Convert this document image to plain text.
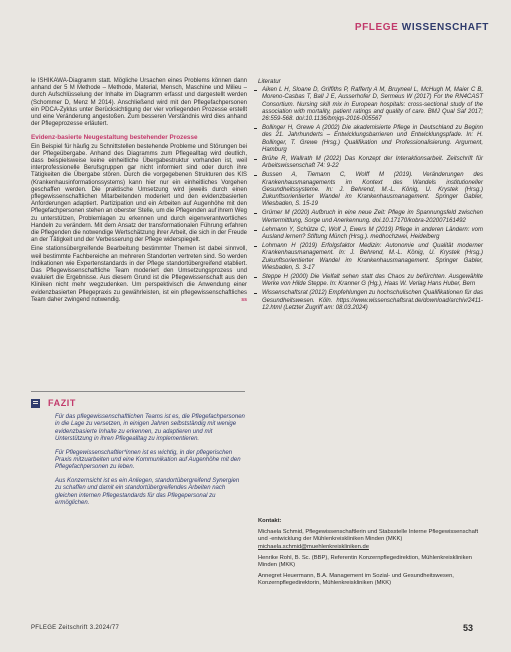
PFLEGE WISSENSCHAFT

le ISHIKAWA-Diagramm statt. Mögliche Ursachen eines Problems können dann anhand der 5 M Methode – Methode, Material, Mensch, Maschine und Milieu – durch Aufschlüsselung der Inhalte im Diagramm erfasst und dargestellt werden (Schommer D, Menz M 2014). Anschließend wird mit den Pflegefachpersonen ein PDCA-Zyklus unter Berücksichtigung der vier vorliegenden Prozesse erstellt und eine Veränderung angestoßen. Zum besseren Verständnis wird dies anhand der Pflegeprozesse erläutert.

Evidenz-basierte Neugestaltung bestehender Prozesse

Ein Beispiel für häufig zu Schnittstellen bestehende Probleme und Störungen bei der Pflegeübergabe. Anhand des Diagramms zum Pflegealltag wird deutlich, dass beispielsweise keine einheitliche Übergabestruktur vorhanden ist, weil interprofessionelle Berufsgruppen gar nicht informiert sind oder durch ihre Tätigkeiten die Übergabe stören. Durch die vorgegebenen Strukturen des KIS (Krankenhausinformationssystems) kann hier nur ein einheitliches Vorgehen geschaffen werden. Die praktische Umsetzung wird jeweils durch einen pflegewissenschaftlichen Mitarbeitenden moderiert und den evidenzbasierten Anforderungen adaptiert. Partizipation und ein Arbeiten auf Augenhöhe mit den Pflegefachpersonen stehen an oberster Stelle, um die Pflegenden auf ihrem Weg zu unterstützen, Problemlagen zu erkennen und durch eigenverantwortliches Handeln zu verändern. Mit dem Ansatz der transformationalen Führung erfahren die Pflegenden die notwendige Wertschätzung ihrer Arbeit, die sich in der Freude an der Tätigkeit und der Verbesserung der Pflege widerspiegelt.

Eine stationsübergreifende Bearbeitung bestimmter Themen ist dabei sinnvoll, weil bestimmte Fachbereiche an mehreren Standorten vertreten sind. So werden Indikationen wie Expertenstandards in der Pflege standortübergreifend etabliert. Das Pflegewissenschaftliche Team moderiert den Umsetzungsprozess und evaluiert die Ergebnisse. Aus diesem Grund ist die Pflegewissenschaft aus den Kliniken nicht mehr wegzudenken. Um perspektivisch die Anwendung einer evidenzbasierten Pflegepraxis zu gewährleisten, ist ein pflegewissenschaftliches Team daher zwingend notwendig.	ss

Literatur
Aiken L H, Sloane D, Griffiths P, Rafferty A M, Bruyneel L, McHugh M, Maier C B, Moreno-Casbas T, Ball J E, Ausserhofer D, Sermeus W (2017) For the RN4CAST Consortium. Nursing skill mix in European hospitals: cross-sectional study of the association with mortality, patient ratings and quality of care. BMJ Qual Saf 2017; 26:559-568. doi:10.1136/bmjqs-2016-005567
Bollinger H, Grewe A (2002) Die akademisierte Pflege in Deutschland zu Beginn des 21. Jahrhunderts – Entwicklungsbarrieren und Entwicklungspfade. In: H. Bollinger, T. Grewe (Hrsg.) Qualifikation und Professionalisierung. Argument, Hamburg
Brühe R, Wallrath M (2022) Das Konzept der Interaktionsarbeit. Zeitschrift für Arbeitswissenschaft 74: 9-22
Bussen A, Tiemann C, Wolff M (2019). Veränderungen des Krankenhausmanagements im Kontext des Wandels institutioneller Gesundheitssysteme. In: J. Behrend, M.-L. König, U. Krystek (Hrsg.) Zukunftsorientierter Wandel im Krankenhausmanagement. Springer Gabler, Wiesbaden, S. 15-19
Grümer M (2020) Aufbruch in eine neue Zeit: Pflege im Spannungsfeld zwischen Wertermittlung, Sorge und Anerkennung. doi.10.17170/kobra-202007161492
Lehmann Y, Schütze C, Wolf J, Ewers M (2019) Pflege in anderen Ländern: vom Ausland lernen? Stiftung Münch (Hrsg.). medhochzwei, Heidelberg
Lohmann H (2019) Erfolgsfaktor Medizin: Autonomie und Qualität moderner Krankenhausmanagement. In: J. Behrend, M.-L. König, U. Krystek (Hrsg.) Zukunftsorientierter Wandel im Krankenhausmanagement. Springer Gabler, Wiesbaden, S. 3-17
Steppe H (2000) Die Vielfalt sehen statt das Chaos zu befürchten. Ausgewählte Werke von Hilde Steppe. In: Kranner G (Hg.), Haas W. Verlag Hans Huber, Bern
Wissenschaftsrat (2012) Empfehlungen zu hochschulischen Qualifikationen für das Gesundheitswesen. Köln. https://www.wissenschaftsrat.de/download/archiv/2411-12.html (Letzter Zugriff am: 08.03.2024)
FAZIT

Für das pflegewissenschaftlichen Teams ist es, die Pflegefachpersonen in die Lage zu versetzen, in einigen Jahren selbstständig mit wenige evidenzbasierte Inhalte zu erkennen, zu adaptieren und mit Unterstützung in ihren Pflegealltag zu implementieren.

Für Pflegewissenschaftler*innen ist es wichtig, in der pflegerischen Praxis mitzuarbeiten und eine Kommunikation auf Augenhöhe mit den Pflegefachpersonen zu leben.

Aus Konzernsicht ist es ein Anliegen, standortübergreifend Synergien zu schaffen und damit ein standortübergreifendes Arbeiten nach gleichen internen Pflegestandards für das Pflegepersonal zu ermöglichen.

Kontakt:

Michaela Schmid, Pflegewissenschaftlerin und Stabsstelle Interne Pflegewissenschaft und -entwicklung der Mühlenkreiskliniken Minden (MKK)
michaela.schmid@muehlenkreiskliniken.de

Henrike Rohl, B. Sc. (BBP), Referentin Konzernpflegedirektion, Mühlenkreiskliniken Minden (MKK)

Annegret Heuermann, B.A. Management im Sozial- und Gesundheitswesen, Konzernpflegedirektorin, Mühlenkreiskliniken (MKK)

PFLEGE Zeitschrift 3.2024/77	53
